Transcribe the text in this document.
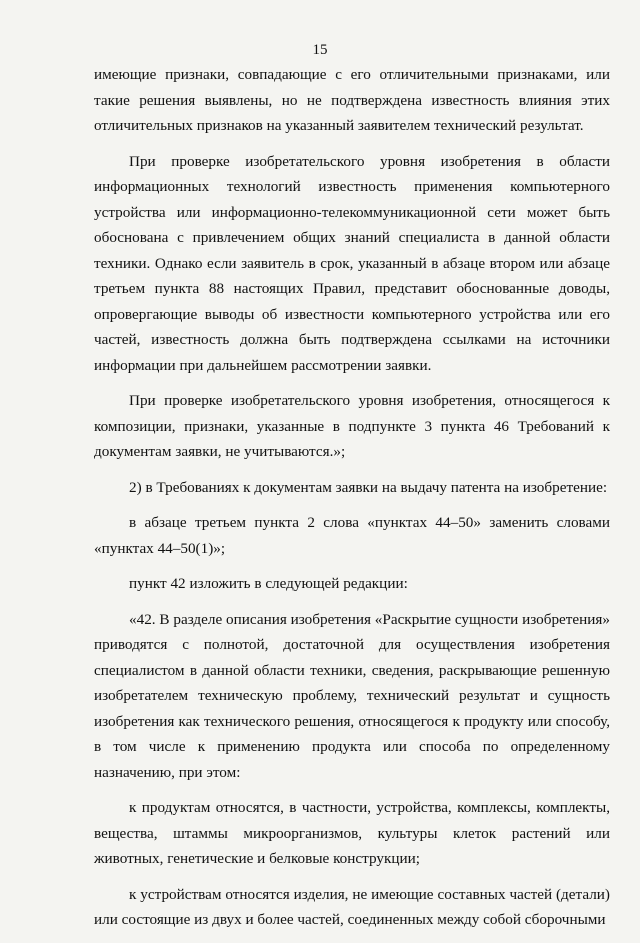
15

имеющие признаки, совпадающие с его отличительными признаками, или такие решения выявлены, но не подтверждена известность влияния этих отличительных признаков на указанный заявителем технический результат.

При проверке изобретательского уровня изобретения в области информационных технологий известность применения компьютерного устройства или информационно-телекоммуникационной сети может быть обоснована с привлечением общих знаний специалиста в данной области техники. Однако если заявитель в срок, указанный в абзаце втором или абзаце третьем пункта 88 настоящих Правил, представит обоснованные доводы, опровергающие выводы об известности компьютерного устройства или его частей, известность должна быть подтверждена ссылками на источники информации при дальнейшем рассмотрении заявки.

При проверке изобретательского уровня изобретения, относящегося к композиции, признаки, указанные в подпункте 3 пункта 46 Требований к документам заявки, не учитываются.»;

2) в Требованиях к документам заявки на выдачу патента на изобретение:

в абзаце третьем пункта 2 слова «пунктах 44–50» заменить словами «пунктах 44–50(1)»;

пункт 42 изложить в следующей редакции:

«42. В разделе описания изобретения «Раскрытие сущности изобретения» приводятся с полнотой, достаточной для осуществления изобретения специалистом в данной области техники, сведения, раскрывающие решенную изобретателем техническую проблему, технический результат и сущность изобретения как технического решения, относящегося к продукту или способу, в том числе к применению продукта или способа по определенному назначению, при этом:

к продуктам относятся, в частности, устройства, комплексы, комплекты, вещества, штаммы микроорганизмов, культуры клеток растений или животных, генетические и белковые конструкции;

к устройствам относятся изделия, не имеющие составных частей (детали) или состоящие из двух и более частей, соединенных между собой сборочными
